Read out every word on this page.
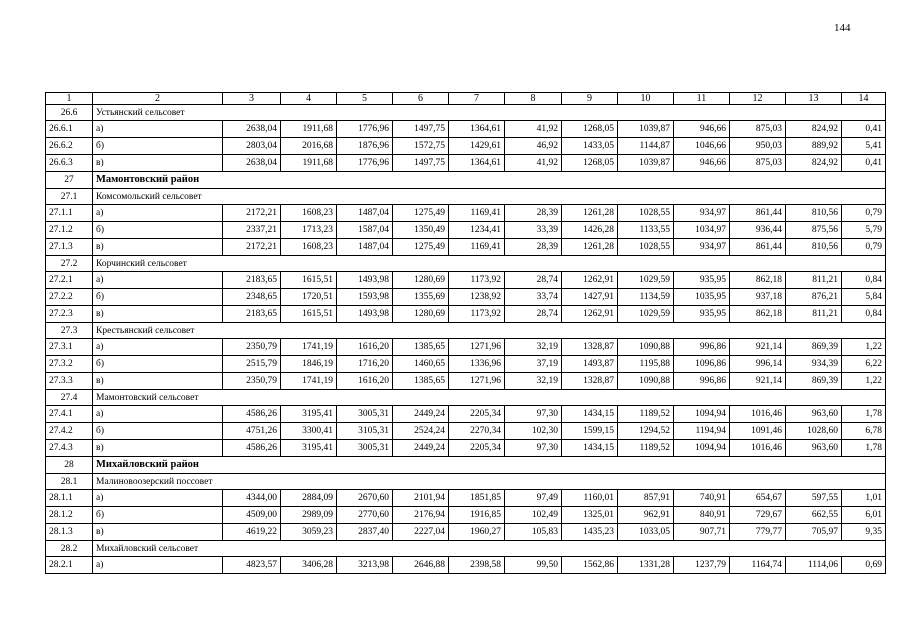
144
1	2	3	4	5	6	7	8	9	10	11	12	13	14
26.6	Устьянский сельсовет												
26.6.1	а)	2638,04	1911,68	1776,96	1497,75	1364,61	41,92	1268,05	1039,87	946,66	875,03	824,92	0,41
26.6.2	б)	2803,04	2016,68	1876,96	1572,75	1429,61	46,92	1433,05	1144,87	1046,66	950,03	889,92	5,41
26.6.3	в)	2638,04	1911,68	1776,96	1497,75	1364,61	41,92	1268,05	1039,87	946,66	875,03	824,92	0,41
27	Мамонтовский район												
27.1	Комсомольский сельсовет												
27.1.1	а)	2172,21	1608,23	1487,04	1275,49	1169,41	28,39	1261,28	1028,55	934,97	861,44	810,56	0,79
27.1.2	б)	2337,21	1713,23	1587,04	1350,49	1234,41	33,39	1426,28	1133,55	1034,97	936,44	875,56	5,79
27.1.3	в)	2172,21	1608,23	1487,04	1275,49	1169,41	28,39	1261,28	1028,55	934,97	861,44	810,56	0,79
27.2	Корчинский сельсовет												
27.2.1	а)	2183,65	1615,51	1493,98	1280,69	1173,92	28,74	1262,91	1029,59	935,95	862,18	811,21	0,84
27.2.2	б)	2348,65	1720,51	1593,98	1355,69	1238,92	33,74	1427,91	1134,59	1035,95	937,18	876,21	5,84
27.2.3	в)	2183,65	1615,51	1493,98	1280,69	1173,92	28,74	1262,91	1029,59	935,95	862,18	811,21	0,84
27.3	Крестьянский сельсовет												
27.3.1	а)	2350,79	1741,19	1616,20	1385,65	1271,96	32,19	1328,87	1090,88	996,86	921,14	869,39	1,22
27.3.2	б)	2515,79	1846,19	1716,20	1460,65	1336,96	37,19	1493,87	1195,88	1096,86	996,14	934,39	6,22
27.3.3	в)	2350,79	1741,19	1616,20	1385,65	1271,96	32,19	1328,87	1090,88	996,86	921,14	869,39	1,22
27.4	Мамонтовский сельсовет												
27.4.1	а)	4586,26	3195,41	3005,31	2449,24	2205,34	97,30	1434,15	1189,52	1094,94	1016,46	963,60	1,78
27.4.2	б)	4751,26	3300,41	3105,31	2524,24	2270,34	102,30	1599,15	1294,52	1194,94	1091,46	1028,60	6,78
27.4.3	в)	4586,26	3195,41	3005,31	2449,24	2205,34	97,30	1434,15	1189,52	1094,94	1016,46	963,60	1,78
28	Михайловский район												
28.1	Малиновоозерский поссовет												
28.1.1	а)	4344,00	2884,09	2670,60	2101,94	1851,85	97,49	1160,01	857,91	740,91	654,67	597,55	1,01
28.1.2	б)	4509,00	2989,09	2770,60	2176,94	1916,85	102,49	1325,01	962,91	840,91	729,67	662,55	6,01
28.1.3	в)	4619,22	3059,23	2837,40	2227,04	1960,27	105,83	1435,23	1033,05	907,71	779,77	705,97	9,35
28.2	Михайловский сельсовет												
28.2.1	а)	4823,57	3406,28	3213,98	2646,88	2398,58	99,50	1562,86	1331,28	1237,79	1164,74	1114,06	0,69
